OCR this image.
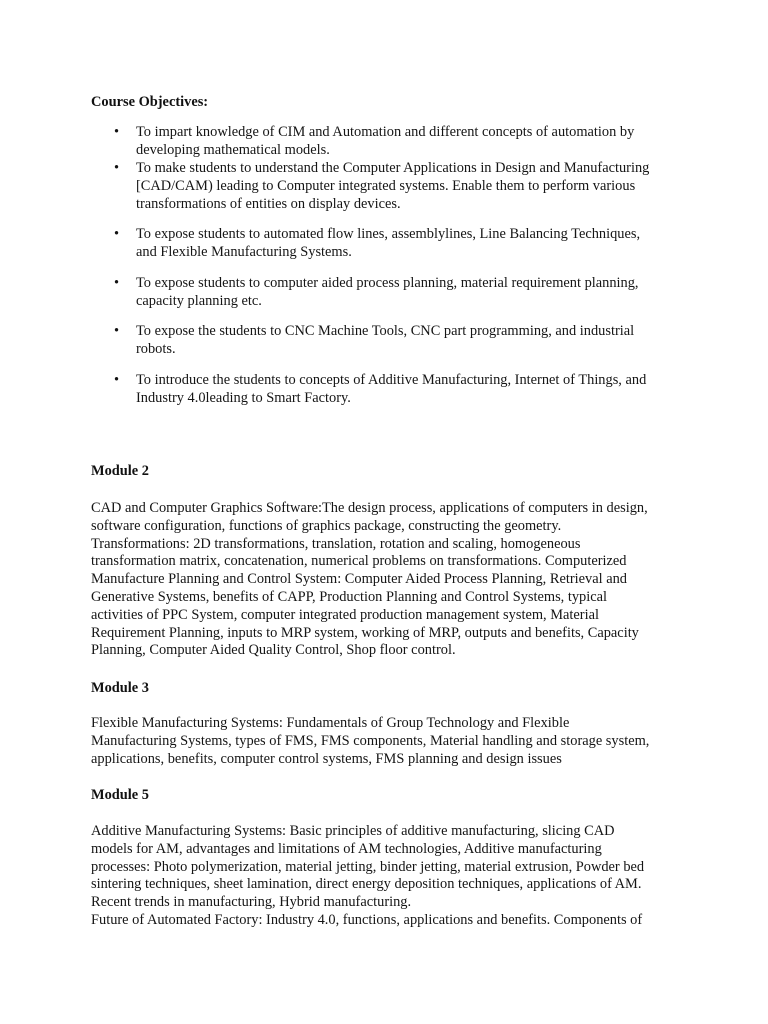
Course Objectives:
• To impart knowledge of CIM and Automation and different concepts of automation by
developing mathematical models.
• To make students to understand the Computer Applications in Design and Manufacturing
[CAD/CAM) leading to Computer integrated systems. Enable them to perform various
transformations of entities on display devices.
• To expose students to automated flow lines, assemblylines, Line Balancing Techniques,
and Flexible Manufacturing Systems.
• To expose students to computer aided process planning, material requirement planning,
capacity planning etc.
• To expose the students to CNC Machine Tools, CNC part programming, and industrial
robots.
• To introduce the students to concepts of Additive Manufacturing, Internet of Things, and
Industry 4.0leading to Smart Factory.
Module 2
CAD and Computer Graphics Software:The design process, applications of computers in design,
software configuration, functions of graphics package, constructing the geometry.
Transformations: 2D transformations, translation, rotation and scaling, homogeneous
transformation matrix, concatenation, numerical problems on transformations. Computerized
Manufacture Planning and Control System: Computer Aided Process Planning, Retrieval and
Generative Systems, benefits of CAPP, Production Planning and Control Systems, typical
activities of PPC System, computer integrated production management system, Material
Requirement Planning, inputs to MRP system, working of MRP, outputs and benefits, Capacity
Planning, Computer Aided Quality Control, Shop floor control.
Module 3
Flexible Manufacturing Systems: Fundamentals of Group Technology and Flexible
Manufacturing Systems, types of FMS, FMS components, Material handling and storage system,
applications, benefits, computer control systems, FMS planning and design issues
Module 5
Additive Manufacturing Systems: Basic principles of additive manufacturing, slicing CAD
models for AM, advantages and limitations of AM technologies, Additive manufacturing
processes: Photo polymerization, material jetting, binder jetting, material extrusion, Powder bed
sintering techniques, sheet lamination, direct energy deposition techniques, applications of AM.
Recent trends in manufacturing, Hybrid manufacturing.
Future of Automated Factory: Industry 4.0, functions, applications and benefits. Components of
